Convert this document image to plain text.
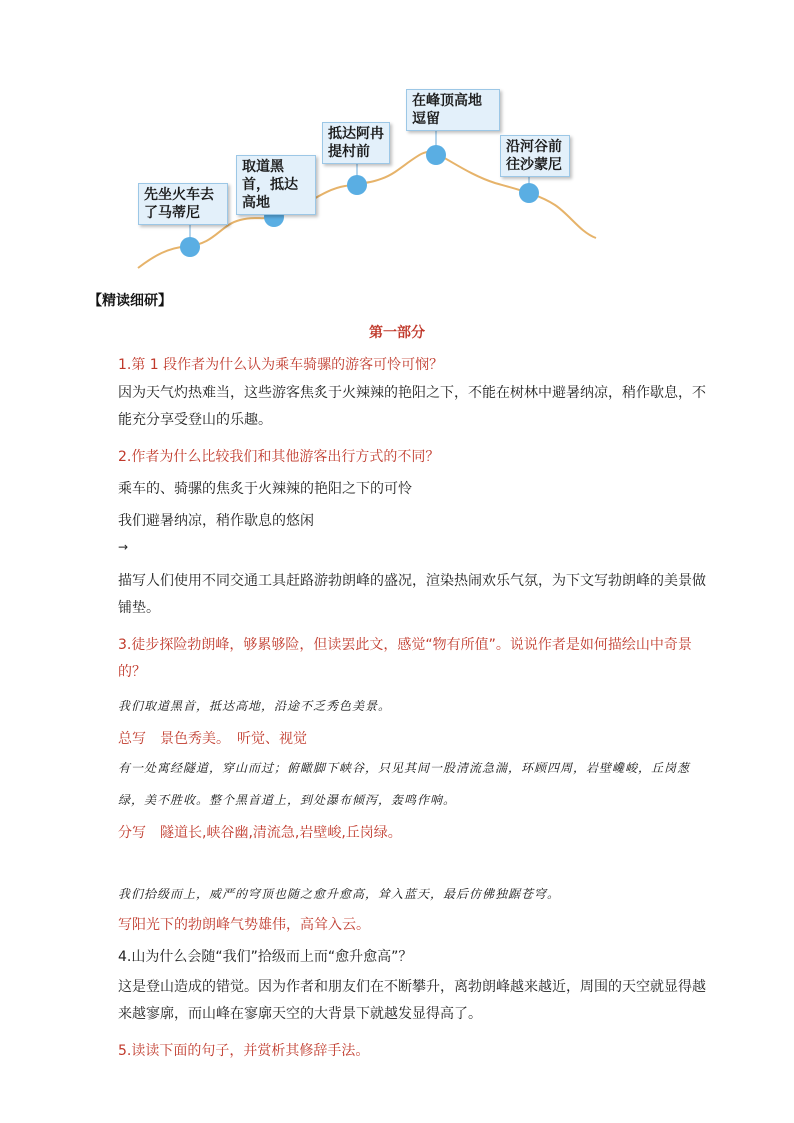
先坐火车去了马蒂尼
取道黑首，抵达高地
抵达阿冉提村前
在峰顶高地逗留
沿河谷前往沙蒙尼
【精读细研】
第一部分
1.第 1 段作者为什么认为乘车骑骡的游客可怜可悯？
因为天气灼热难当，这些游客焦炙于火辣辣的艳阳之下，不能在树林中避暑纳凉，稍作歇息，不能充分享受登山的乐趣。
2.作者为什么比较我们和其他游客出行方式的不同？
乘车的、骑骡的焦炙于火辣辣的艳阳之下的可怜
我们避暑纳凉，稍作歇息的悠闲
→
描写人们使用不同交通工具赶路游勃朗峰的盛况，渲染热闹欢乐气氛，为下文写勃朗峰的美景做铺垫。
3.徒步探险勃朗峰，够累够险，但读罢此文，感觉“物有所值”。说说作者是如何描绘山中奇景的？
我们取道黑首，抵达高地，沿途不乏秀色美景。
总写　景色秀美。　听觉、视觉
有一处寓经隧道，穿山而过；俯瞰脚下峡谷，只见其间一股清流急湍，环顾四周，岩壁巉峻，丘岗葱绿，美不胜收。整个黑首道上，到处瀑布倾泻，轰鸣作响。
分写　隧道长,峡谷幽,清流急,岩壁峻,丘岗绿。
我们拾级而上，威严的穹顶也随之愈升愈高，耸入蓝天，最后仿佛独踞苍穹。
写阳光下的勃朗峰气势雄伟，高耸入云。
4.山为什么会随“我们”拾级而上而“愈升愈高”？
这是登山造成的错觉。因为作者和朋友们在不断攀升，离勃朗峰越来越近，周围的天空就显得越来越寥廓，而山峰在寥廓天空的大背景下就越发显得高了。
5.读读下面的句子，并赏析其修辞手法。
